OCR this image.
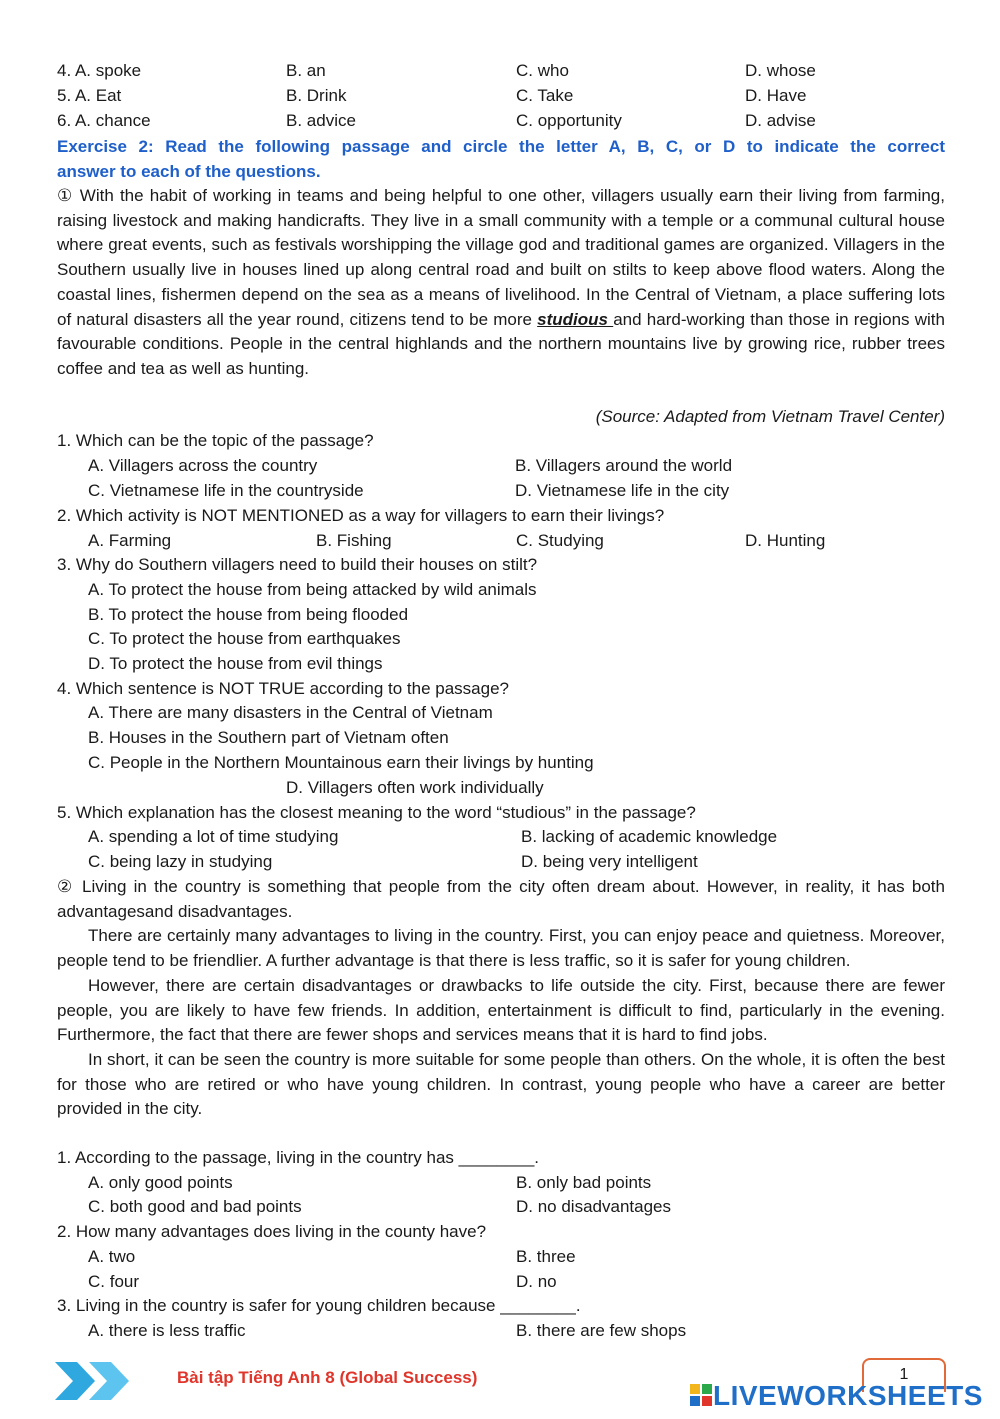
4. A. spoke	B. an	C. who	D. whose
5. A. Eat	B. Drink	C. Take	D. Have
6. A. chance	B. advice	C. opportunity	D. advise

Exercise 2: Read the following passage and circle the letter A, B, C, or D to indicate the correct

answer to each of the questions.

① With the habit of working in teams and being helpful to one other, villagers usually earn their living from farming, raising livestock and making handicrafts. They live in a small community with a temple or a communal cultural house where great events, such as festivals worshipping the village god and traditional games are organized. Villagers in the Southern usually live in houses lined up along central road and built on stilts to keep above flood waters. Along the coastal lines, fishermen depend on the sea as a means of livelihood. In the Central of Vietnam, a place suffering lots of natural disasters all the year round, citizens tend to be more studious and hard-working than those in regions with favourable conditions. People in the central highlands and the northern mountains live by growing rice, rubber trees coffee and tea as well as hunting.

(Source: Adapted from Vietnam Travel Center)
1. Which can be the topic of the passage?
A. Villagers across the country	B. Villagers around the world
C. Vietnamese life in the countryside	D. Vietnamese life in the city
2. Which activity is NOT MENTIONED as a way for villagers to earn their livings?
A. Farming	B. Fishing	C. Studying	D. Hunting
3. Why do Southern villagers need to build their houses on stilt?
A. To protect the house from being attacked by wild animals
B. To protect the house from being flooded
C. To protect the house from earthquakes
D. To protect the house from evil things
4. Which sentence is NOT TRUE according to the passage?
A. There are many disasters in the Central of Vietnam
B. Houses in the Southern part of Vietnam often
C. People in the Northern Mountainous earn their livings by hunting
D. Villagers often work individually
5. Which explanation has the closest meaning to the word “studious” in the passage?
A. spending a lot of time studying	B. lacking of academic knowledge
C. being lazy in studying	D. being very intelligent

② Living in the country is something that people from the city often dream about. However, in reality, it has both advantagesand disadvantages.

There are certainly many advantages to living in the country. First, you can enjoy peace and quietness. Moreover, people tend to be friendlier. A further advantage is that there is less traffic, so it is safer for young children.

However, there are certain disadvantages or drawbacks to life outside the city. First, because there are fewer people, you are likely to have few friends. In addition, entertainment is difficult to find, particularly in the evening. Furthermore, the fact that there are fewer shops and services means that it is hard to find jobs.

In short, it can be seen the country is more suitable for some people than others. On the whole, it is often the best for those who are retired or who have young children. In contrast, young people who have a career are better provided in the city.

1. According to the passage, living in the country has ________.
A. only good points	B. only bad points
C. both good and bad points	D. no disadvantages
2. How many advantages does living in the county have?
A. two	B. three
C. four	D. no
3. Living in the country is safer for young children because ________.
A. there is less traffic	B. there are few shops
Bài tập Tiếng Anh 8 (Global Success)	1
LIVEWORKSHEETS
